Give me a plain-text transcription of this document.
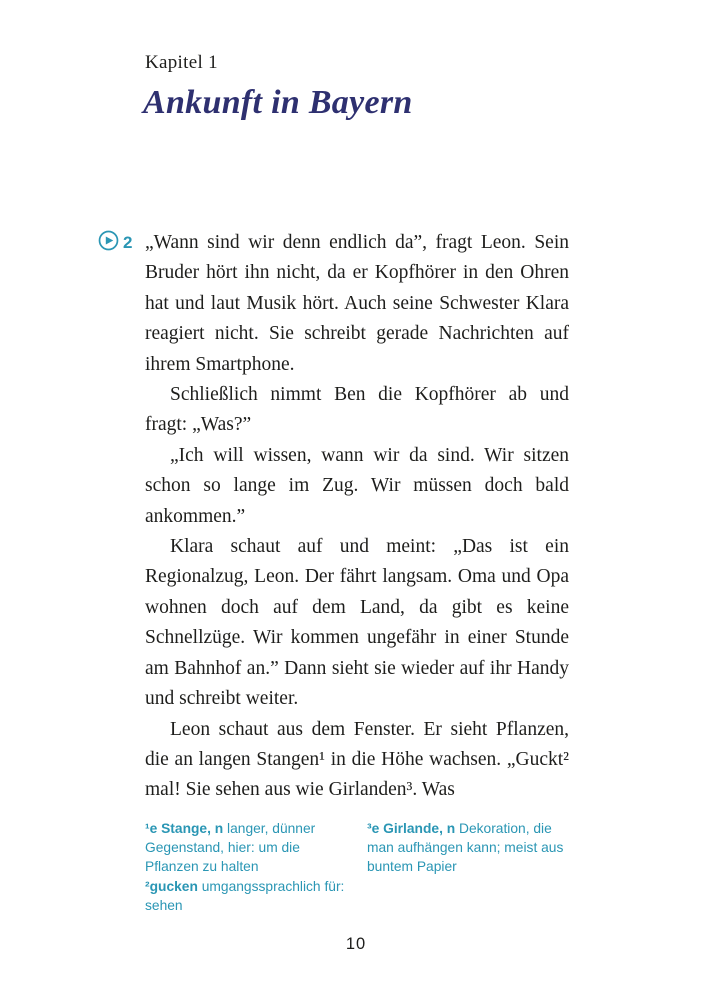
Kapitel 1
Ankunft in Bayern
2 „Wann sind wir denn endlich da”, fragt Leon. Sein Bruder hört ihn nicht, da er Kopfhörer in den Ohren hat und laut Musik hört. Auch seine Schwester Klara reagiert nicht. Sie schreibt gerade Nachrichten auf ihrem Smartphone.

Schließlich nimmt Ben die Kopfhörer ab und fragt: „Was?”

„Ich will wissen, wann wir da sind. Wir sitzen schon so lange im Zug. Wir müssen doch bald ankommen.”

Klara schaut auf und meint: „Das ist ein Regionalzug, Leon. Der fährt langsam. Oma und Opa wohnen doch auf dem Land, da gibt es keine Schnellzüge. Wir kommen ungefähr in einer Stunde am Bahnhof an.” Dann sieht sie wieder auf ihr Handy und schreibt weiter.

Leon schaut aus dem Fenster. Er sieht Pflanzen, die an langen Stangen¹ in die Höhe wachsen. „Guckt² mal! Sie sehen aus wie Girlanden³. Was

¹e Stange, n langer, dünner Gegenstand, hier: um die Pflanzen zu halten
²gucken umgangssprachlich für: sehen
³e Girlande, n Dekoration, die man aufhängen kann; meist aus buntem Papier
10
